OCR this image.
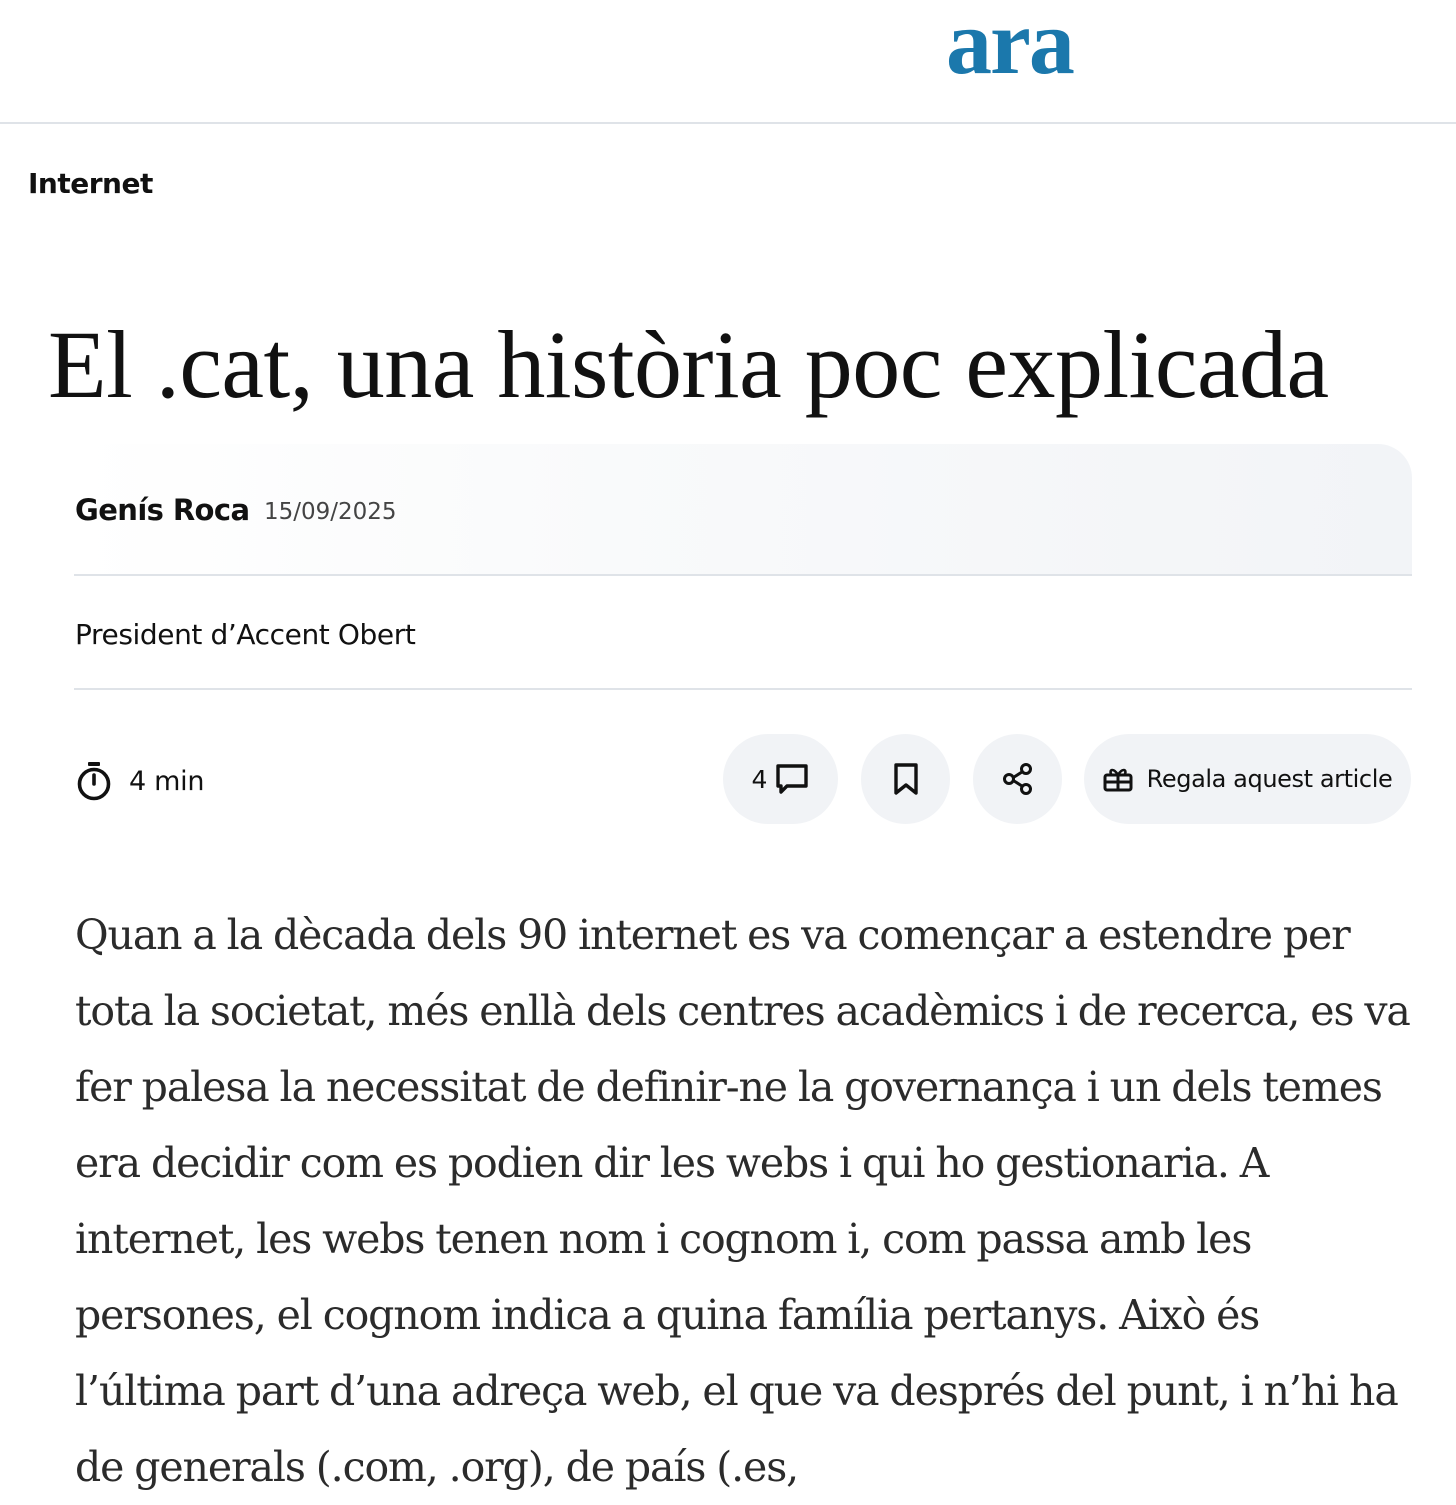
ara
Internet
El .cat, una història poc explicada
Genís Roca 15/09/2025
President d’Accent Obert
4 min	4	Regala aquest article

Quan a la dècada dels 90 internet es va començar a estendre per tota la societat, més enllà dels centres acadèmics i de recerca, es va fer palesa la necessitat de definir-ne la governança i un dels temes era decidir com es podien dir les webs i qui ho gestionaria. A internet, les webs tenen nom i cognom i, com passa amb les persones, el cognom indica a quina família pertanys. Això és l’última part d’una adreça web, el que va després del punt, i n’hi ha de generals (.com, .org), de país (.es,
